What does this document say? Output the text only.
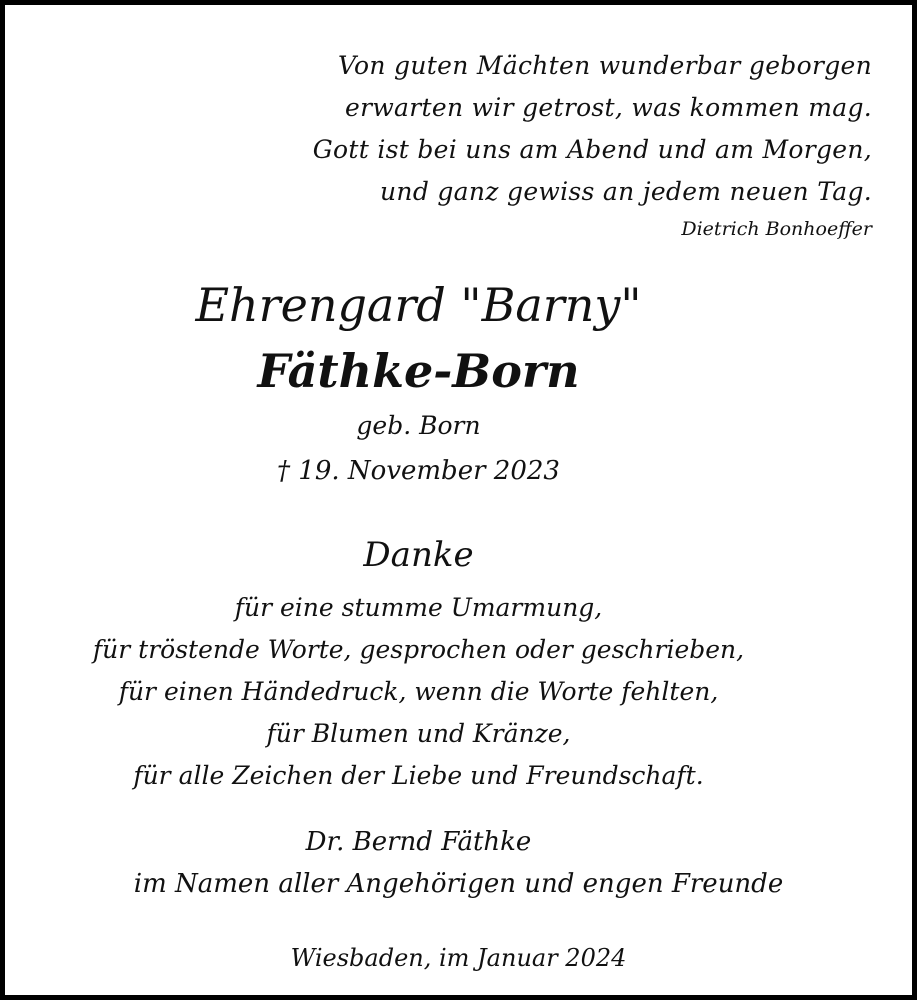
Von guten Mächten wunderbar geborgen
erwarten wir getrost, was kommen mag.
Gott ist bei uns am Abend und am Morgen,
und ganz gewiss an jedem neuen Tag.
Dietrich Bonhoeffer
Ehrengard "Barny"
Fäthke-Born
geb. Born
† 19. November 2023
Danke
für eine stumme Umarmung,
für tröstende Worte, gesprochen oder geschrieben,
für einen Händedruck, wenn die Worte fehlten,
für Blumen und Kränze,
für alle Zeichen der Liebe und Freundschaft.
Dr. Bernd Fäthke
im Namen aller Angehörigen und engen Freunde
Wiesbaden, im Januar 2024
